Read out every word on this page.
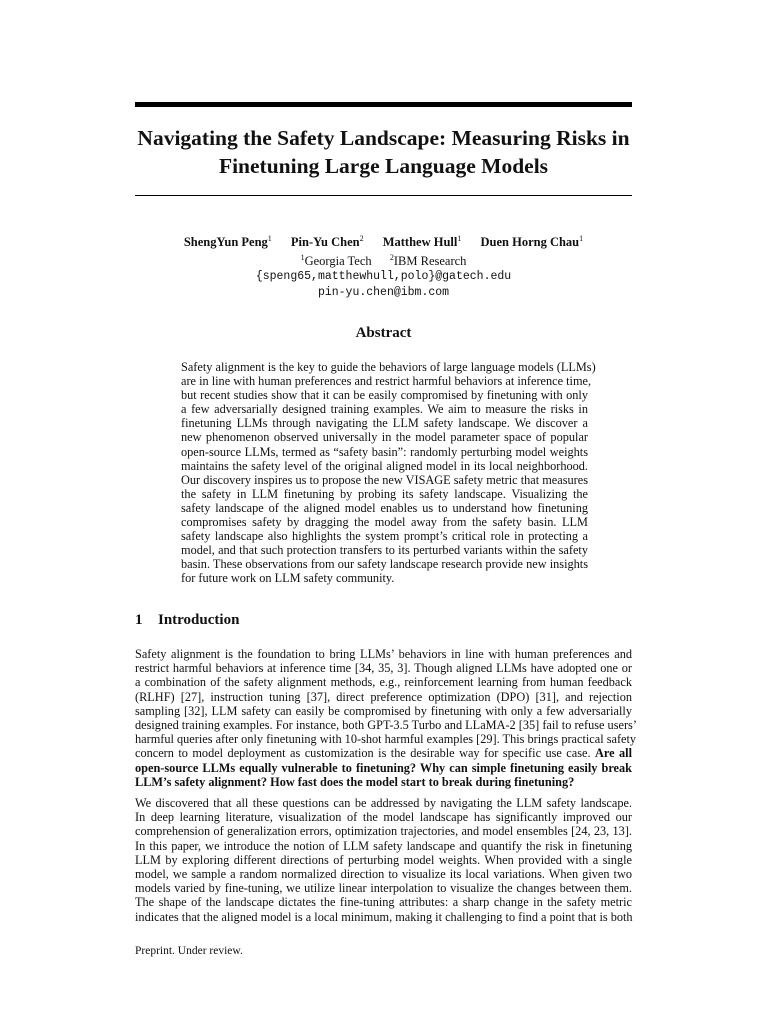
Navigating the Safety Landscape: Measuring Risks in
Finetuning Large Language Models
ShengYun Peng$^1$ Pin-Yu Chen$^2$ Matthew Hull$^1$ Duen Horng Chau$^1$
$^1$Georgia Tech $^2$IBM Research
{speng65,matthewhull,polo}@gatech.edu
pin-yu.chen@ibm.com
Abstract
Safety alignment is the key to guide the behaviors of large language models (LLMs)
are in line with human preferences and restrict harmful behaviors at inference time,
but recent studies show that it can be easily compromised by finetuning with only
a few adversarially designed training examples. We aim to measure the risks in
finetuning LLMs through navigating the LLM safety landscape. We discover a
new phenomenon observed universally in the model parameter space of popular
open-source LLMs, termed as “safety basin”: randomly perturbing model weights
maintains the safety level of the original aligned model in its local neighborhood.
Our discovery inspires us to propose the new VISAGE safety metric that measures
the safety in LLM finetuning by probing its safety landscape. Visualizing the
safety landscape of the aligned model enables us to understand how finetuning
compromises safety by dragging the model away from the safety basin. LLM
safety landscape also highlights the system prompt’s critical role in protecting a
model, and that such protection transfers to its perturbed variants within the safety
basin. These observations from our safety landscape research provide new insights
for future work on LLM safety community.
1 Introduction
Safety alignment is the foundation to bring LLMs’ behaviors in line with human preferences and
restrict harmful behaviors at inference time [34, 35, 3]. Though aligned LLMs have adopted one or
a combination of the safety alignment methods, e.g., reinforcement learning from human feedback
(RLHF) [27], instruction tuning [37], direct preference optimization (DPO) [31], and rejection
sampling [32], LLM safety can easily be compromised by finetuning with only a few adversarially
designed training examples. For instance, both GPT-3.5 Turbo and LLaMA-2 [35] fail to refuse users’
harmful queries after only finetuning with 10-shot harmful examples [29]. This brings practical safety
concern to model deployment as customization is the desirable way for specific use case. Are all
open-source LLMs equally vulnerable to finetuning? Why can simple finetuning easily break
LLM’s safety alignment? How fast does the model start to break during finetuning?
We discovered that all these questions can be addressed by navigating the LLM safety landscape.
In deep learning literature, visualization of the model landscape has significantly improved our
comprehension of generalization errors, optimization trajectories, and model ensembles [24, 23, 13].
In this paper, we introduce the notion of LLM safety landscape and quantify the risk in finetuning
LLM by exploring different directions of perturbing model weights. When provided with a single
model, we sample a random normalized direction to visualize its local variations. When given two
models varied by fine-tuning, we utilize linear interpolation to visualize the changes between them.
The shape of the landscape dictates the fine-tuning attributes: a sharp change in the safety metric
indicates that the aligned model is a local minimum, making it challenging to find a point that is both
Preprint. Under review.
